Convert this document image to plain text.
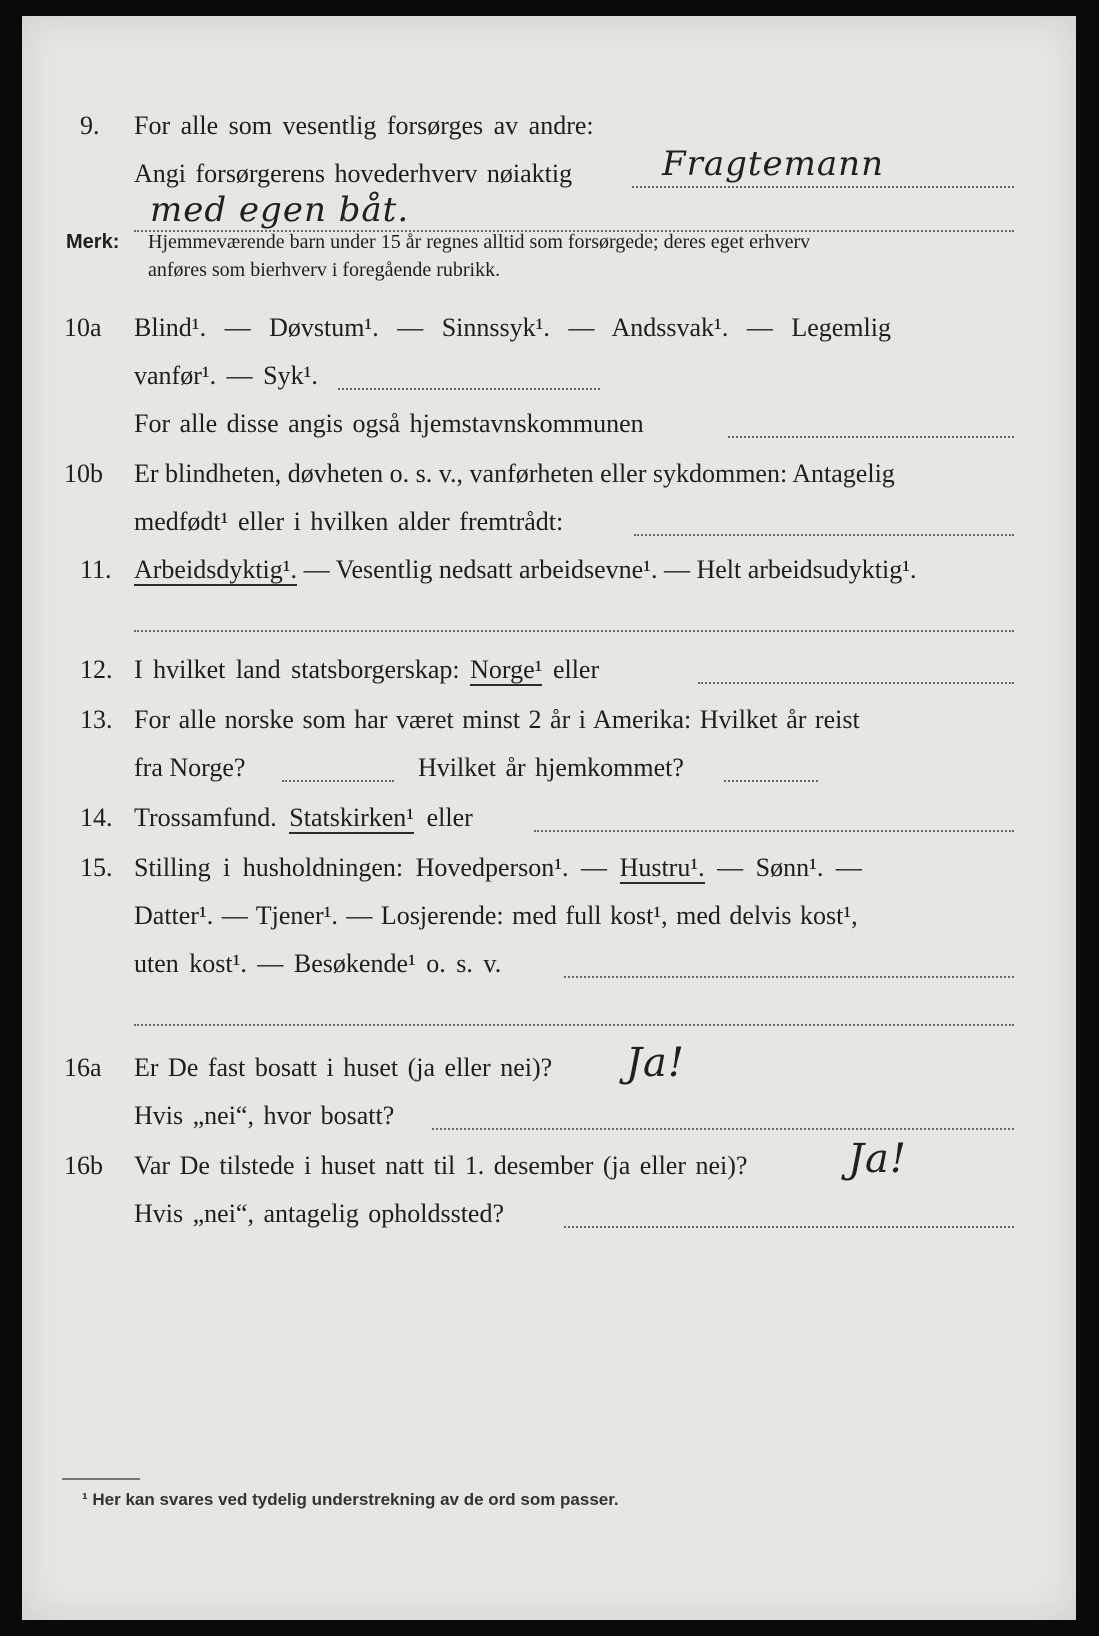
9. For alle som vesentlig forsørges av andre:
Angi forsørgerens hovederhverv nøiaktig	Fragtemann
med egen båt.
Merk: Hjemmeværende barn under 15 år regnes alltid som forsørgede; deres eget erhverv
anføres som bierhverv i foregående rubrikk.
10a Blind¹. — Døvstum¹. — Sinnssyk¹. — Andssvak¹. — Legemlig
vanfør¹. — Syk¹.
For alle disse angis også hjemstavnskommunen
10b Er blindheten, døvheten o. s. v., vanførheten eller sykdommen: Antagelig
medfødt¹ eller i hvilken alder fremtrådt:
11. Arbeidsdyktig¹. — Vesentlig nedsatt arbeidsevne¹. — Helt arbeidsudyktig¹.
12. I hvilket land statsborgerskap: Norge¹ eller
13. For alle norske som har været minst 2 år i Amerika: Hvilket år reist
fra Norge?	Hvilket år hjemkommet?
14. Trossamfund. Statskirken¹ eller
15. Stilling i husholdningen: Hovedperson¹. — Hustru¹. — Sønn¹. —
Datter¹. — Tjener¹. — Losjerende: med full kost¹, med delvis kost¹,
uten kost¹. — Besøkende¹ o. s. v.
16a Er De fast bosatt i huset (ja eller nei)? Ja!
Hvis „nei“, hvor bosatt?
16b Var De tilstede i huset natt til 1. desember (ja eller nei)?	Ja!
Hvis „nei“, antagelig opholdssted?
¹ Her kan svares ved tydelig understrekning av de ord som passer.
